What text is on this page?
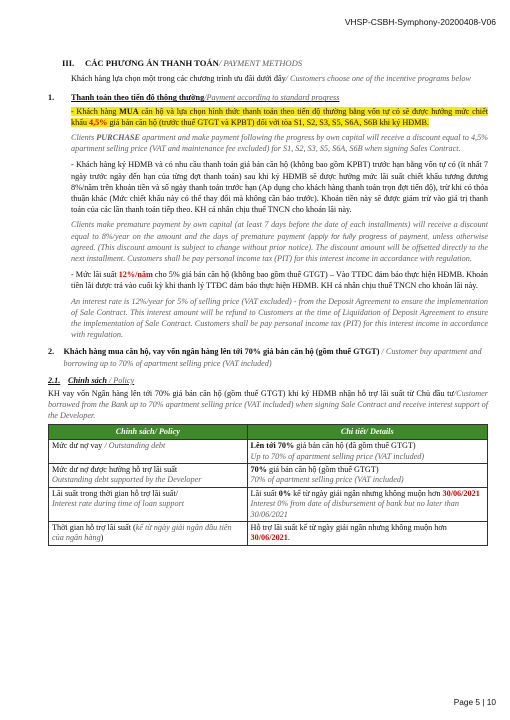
VHSP-CSBH-Symphony-20200408-V06
III.	CÁC PHƯƠNG ÁN THANH TOÁN/ PAYMENT METHODS
Khách hàng lựa chọn một trong các chương trình ưu đãi dưới đây/ Customers choose one of the incentive programs below
1.	Thanh toán theo tiến độ thông thường/Payment according to standard progress
- Khách hàng MUA căn hộ và lựa chọn hình thức thanh toán theo tiến độ thường bằng vốn tự có sẽ được hưởng mức chiết khấu 4,5% giá bán căn hộ (trước thuế GTGT và KPBT) đối với tòa S1, S2, S3, S5, S6A, S6B khi ký HĐMB.
Clients PURCHASE apartment and make payment following the progress by own capital will receive a discount equal to 4,5% apartment selling price (VAT and maintenance fee excluded) for S1, S2, S3, S5, S6A, S6B when signing Sales Contract.
- Khách hàng ký HĐMB và có nhu cầu thanh toán giá bán căn hộ (không bao gồm KPBT) trước hạn bằng vốn tự có (ít nhất 7 ngày trước ngày đến hạn của từng đợt thanh toán) sau khi ký HĐMB sẽ được hưởng mức lãi suất chiết khấu tương đương 8%/năm trên khoản tiền và số ngày thanh toán trước hạn (Ap dụng cho khách hàng thanh toán trọn đợt tiến độ), trừ khi có thỏa thuận khác (Mức chiết khấu này có thể thay đổi mà không cần báo trước). Khoản tiền này sẽ được giảm trừ vào giá trị thanh toán của các lần thanh toán tiếp theo. KH cá nhân chịu thuế TNCN cho khoản lãi này.
Clients make premature payment by own capital (at least 7 days before the date of each installments) will receive a discount equal to 8%/year on the amount and the days of premature payment (apply for fully progress of payment, unless otherwise agreed. (This discount amount is subject to change without prior notice). The discount amount will be offsetted directly to the next installment. Customers shall be pay personal income tax (PIT) for this interest income in accordance with regulation.
- Mức lãi suất 12%/năm cho 5% giá bán căn hộ (không bao gồm thuế GTGT) – Vào TTĐC đảm bảo thực hiện HĐMB. Khoản tiền lãi được trả vào cuối kỳ khi thanh lý TTĐC đảm bảo thực hiện HĐMB. KH cá nhân chịu thuế TNCN cho khoản lãi này.
An interest rate is 12%/year for 5% of selling price (VAT excluded) - from the Deposit Agreement to ensure the implementation of Sale Contract. This interest amount will be refund to Customers at the time of Liquidation of Deposit Agreement to ensure the implementation of Sale Contract. Customers shall be pay personal income tax (PIT) for this interest income in accordance with regulation.
2.	Khách hàng mua căn hộ, vay vốn ngân hàng lên tới 70% giá bán căn hộ (gồm thuế GTGT) / Customer buy apartment and borrowing up to 70% of apartment selling price (VAT included)
2.1. Chính sách / Policy
KH vay vốn Ngân hàng lên tới 70% giá bán căn hộ (gồm thuế GTGT) khi ký HĐMB nhận hỗ trợ lãi suất từ Chủ đầu tư/Customer borrowed from the Bank up to 70% apartment selling price (VAT included) when signing Sale Contract and receive interest support of the Developer.
Chính sách/ Policy	Chi tiết/ Details
Mức dư nợ vay / Outstanding debt	Lên tới 70% giá bán căn hộ (đã gồm thuế GTGT)
Up to 70% of apartment selling price (VAT included)
Mức dư nợ được hưởng hỗ trợ lãi suất
Outstanding debt supported by the Developer	70% giá bán căn hộ (gồm thuế GTGT)
70% of apartment selling price (VAT included)
Lãi suất trong thời gian hỗ trợ lãi suất/
Interest rate during time of loan support	Lãi suất 0% kể từ ngày giải ngân nhưng không muộn hơn 30/06/2021
Interest 0% from date of disbursement of bank but no later than 30/06/2021
Thời gian hỗ trợ lãi suất (kể từ ngày giải ngân đầu tiên của ngân hàng)	Hỗ trợ lãi suất kể từ ngày giải ngân nhưng không muộn hơn 30/06/2021.
Page 5 | 10
